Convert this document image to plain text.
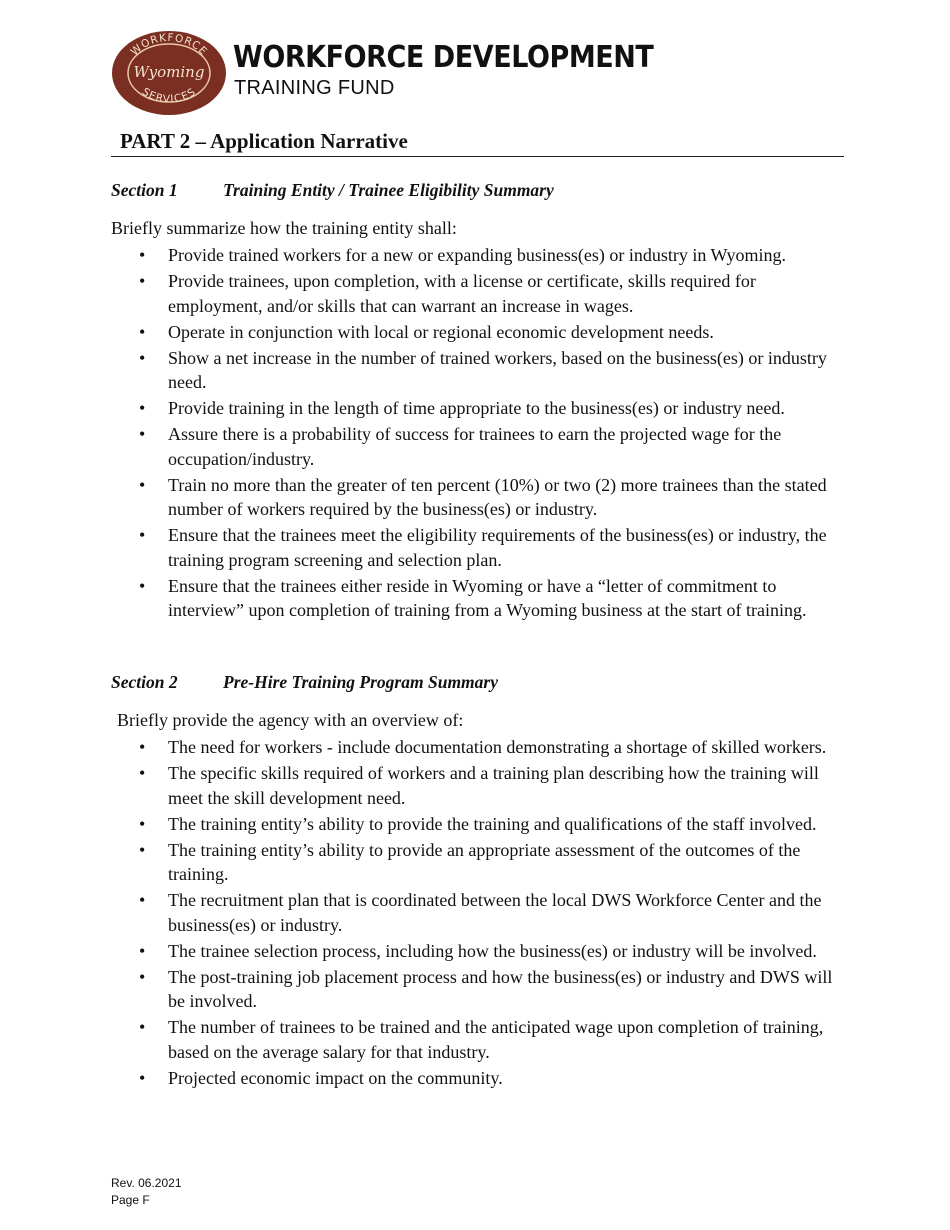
WORKFORCE
Wyoming
SERVICES
WORKFORCE DEVELOPMENT
TRAINING FUND
PART 2 – Application Narrative
Section 1	Training Entity / Trainee Eligibility Summary

Briefly summarize how the training entity shall:

• Provide trained workers for a new or expanding business(es) or industry in Wyoming.
• Provide trainees, upon completion, with a license or certificate, skills required for employment, and/or skills that can warrant an increase in wages.
• Operate in conjunction with local or regional economic development needs.
• Show a net increase in the number of trained workers, based on the business(es) or industry need.
• Provide training in the length of time appropriate to the business(es) or industry need.
• Assure there is a probability of success for trainees to earn the projected wage for the occupation/industry.
• Train no more than the greater of ten percent (10%) or two (2) more trainees than the stated number of workers required by the business(es) or industry.
• Ensure that the trainees meet the eligibility requirements of the business(es) or industry, the training program screening and selection plan.
• Ensure that the trainees either reside in Wyoming or have a “letter of commitment to interview” upon completion of training from a Wyoming business at the start of training.
Section 2	Pre-Hire Training Program Summary

Briefly provide the agency with an overview of:

• The need for workers - include documentation demonstrating a shortage of skilled workers.
• The specific skills required of workers and a training plan describing how the training will meet the skill development need.
• The training entity’s ability to provide the training and qualifications of the staff involved.
• The training entity’s ability to provide an appropriate assessment of the outcomes of the training.
• The recruitment plan that is coordinated between the local DWS Workforce Center and the business(es) or industry.
• The trainee selection process, including how the business(es) or industry will be involved.
• The post-training job placement process and how the business(es) or industry and DWS will be involved.
• The number of trainees to be trained and the anticipated wage upon completion of training, based on the average salary for that industry.
• Projected economic impact on the community.
Rev. 06.2021
Page F
